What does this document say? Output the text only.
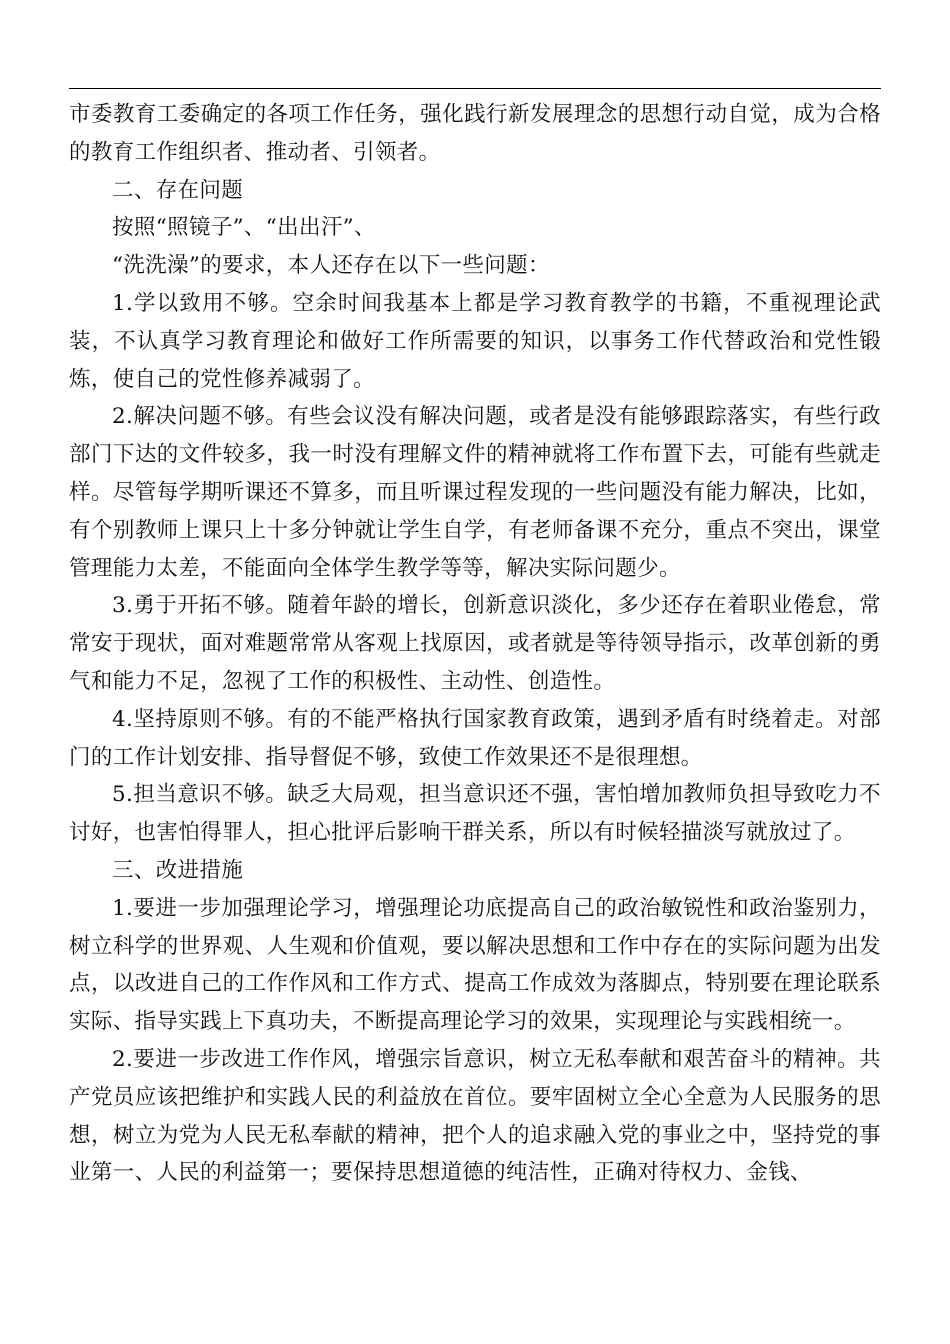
市委教育工委确定的各项工作任务，强化践行新发展理念的思想行动自觉，成为合格的教育工作组织者、推动者、引领者。

二、存在问题

按照“照镜子”、“出出汗”、

“洗洗澡”的要求，本人还存在以下一些问题：

1.学以致用不够。空余时间我基本上都是学习教育教学的书籍，不重视理论武装，不认真学习教育理论和做好工作所需要的知识，以事务工作代替政治和党性锻炼，使自己的党性修养减弱了。

2.解决问题不够。有些会议没有解决问题，或者是没有能够跟踪落实，有些行政部门下达的文件较多，我一时没有理解文件的精神就将工作布置下去，可能有些就走样。尽管每学期听课还不算多，而且听课过程发现的一些问题没有能力解决，比如，有个别教师上课只上十多分钟就让学生自学，有老师备课不充分，重点不突出，课堂管理能力太差，不能面向全体学生教学等等，解决实际问题少。

3.勇于开拓不够。随着年龄的增长，创新意识淡化，多少还存在着职业倦怠，常常安于现状，面对难题常常从客观上找原因，或者就是等待领导指示，改革创新的勇气和能力不足，忽视了工作的积极性、主动性、创造性。

4.坚持原则不够。有的不能严格执行国家教育政策，遇到矛盾有时绕着走。对部门的工作计划安排、指导督促不够，致使工作效果还不是很理想。

5.担当意识不够。缺乏大局观，担当意识还不强，害怕增加教师负担导致吃力不讨好，也害怕得罪人，担心批评后影响干群关系，所以有时候轻描淡写就放过了。

三、改进措施

1.要进一步加强理论学习，增强理论功底提高自己的政治敏锐性和政治鉴别力，树立科学的世界观、人生观和价值观，要以解决思想和工作中存在的实际问题为出发点，以改进自己的工作作风和工作方式、提高工作成效为落脚点，特别要在理论联系实际、指导实践上下真功夫，不断提高理论学习的效果，实现理论与实践相统一。

2.要进一步改进工作作风，增强宗旨意识，树立无私奉献和艰苦奋斗的精神。共产党员应该把维护和实践人民的利益放在首位。要牢固树立全心全意为人民服务的思想，树立为党为人民无私奉献的精神，把个人的追求融入党的事业之中，坚持党的事业第一、人民的利益第一；要保持思想道德的纯洁性，正确对待权力、金钱、
